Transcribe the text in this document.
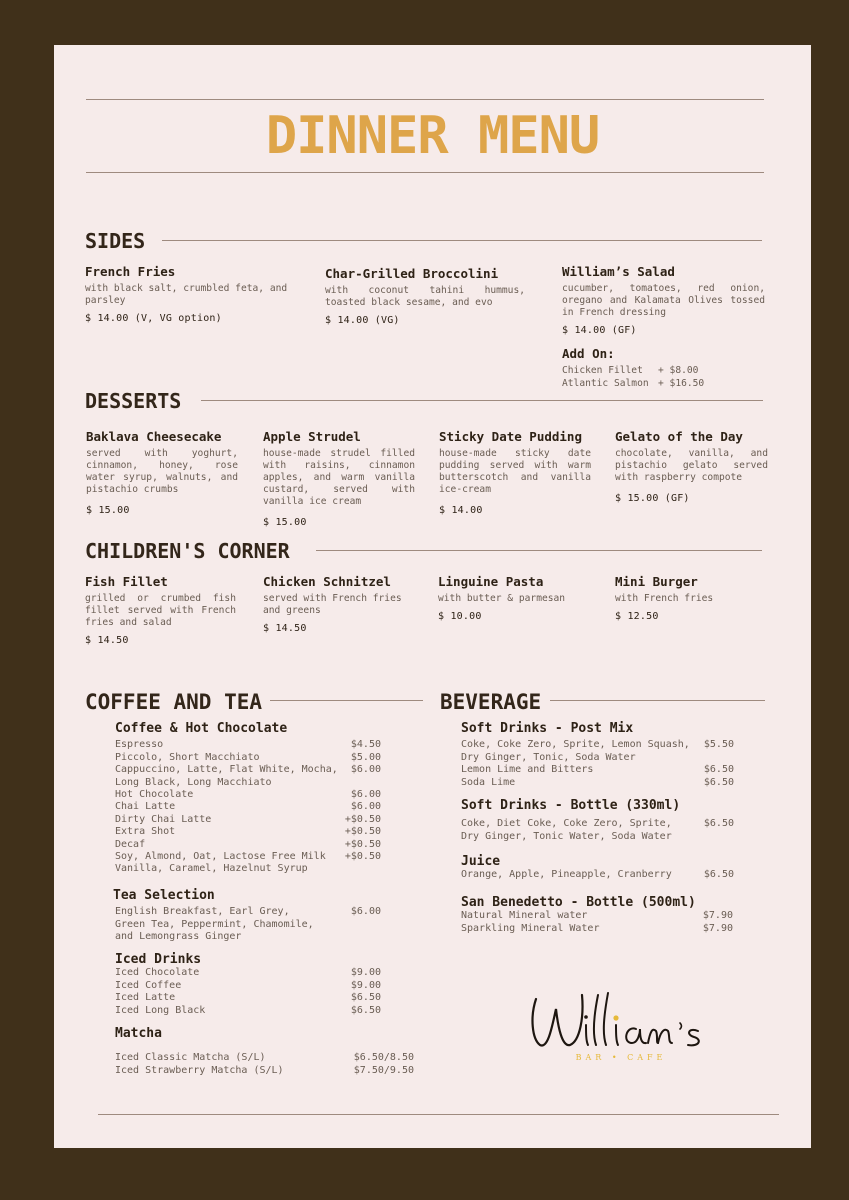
DINNER MENU
SIDES

French Fries

with black salt, crumbled feta, and parsley

$ 14.00 (V, VG option)

Char-Grilled Broccolini

with coconut tahini hummus, toasted black sesame, and evo

$ 14.00 (VG)

William’s Salad

cucumber, tomatoes, red onion, oregano and Kalamata Olives tossed in French dressing

$ 14.00 (GF)

Add On:

Chicken Fillet + $8.00
Atlantic Salmon + $16.50
DESSERTS

Baklava Cheesecake

served with yoghurt, cinnamon, honey, rose water syrup, walnuts, and pistachio crumbs

$ 15.00

Apple Strudel

house-made strudel filled with raisins, cinnamon apples, and warm vanilla custard, served with vanilla ice cream

$ 15.00

Sticky Date Pudding

house-made sticky date pudding served with warm butterscotch and vanilla ice-cream

$ 14.00

Gelato of the Day

chocolate, vanilla, and pistachio gelato served with raspberry compote

$ 15.00 (GF)

CHILDREN'S CORNER

Fish Fillet

grilled or crumbed fish fillet served with French fries and salad

$ 14.50

Chicken Schnitzel

served with French fries and greens

$ 14.50

Linguine Pasta

with butter & parmesan

$ 10.00

Mini Burger

with French fries

$ 12.50

COFFEE AND TEA

Coffee & Hot Chocolate

Espresso	$4.50
Piccolo, Short Macchiato	$5.00
Cappuccino, Latte, Flat White, Mocha,
Long Black, Long Macchiato
$6.00
Hot Chocolate	$6.00
Chai Latte	$6.00
Dirty Chai Latte	+$0.50
Extra Shot	+$0.50
Decaf	+$0.50
Soy, Almond, Oat, Lactose Free Milk
Vanilla, Caramel, Hazelnut Syrup
+$0.50

Tea Selection

English Breakfast, Earl Grey,
Green Tea, Peppermint, Chamomile,
and Lemongrass Ginger
$6.00

Iced Drinks

Iced Chocolate	$9.00
Iced Coffee	$9.00
Iced Latte	$6.50
Iced Long Black	$6.50

Matcha

Iced Classic Matcha (S/L)	$6.50/8.50
Iced Strawberry Matcha (S/L)	$7.50/9.50
BEVERAGE

Soft Drinks - Post Mix

Coke, Coke Zero, Sprite, Lemon Squash,
Dry Ginger, Tonic, Soda Water
$5.50
Lemon Lime and Bitters	$6.50
Soda Lime	$6.50

Soft Drinks - Bottle (330ml)

Coke, Diet Coke, Coke Zero, Sprite,
Dry Ginger, Tonic Water, Soda Water
$6.50

Juice

Orange, Apple, Pineapple, Cranberry	$6.50

San Benedetto - Bottle (500ml)

Natural Mineral water	$7.90
Sparkling Mineral Water	$7.90
BAR • CAFE
